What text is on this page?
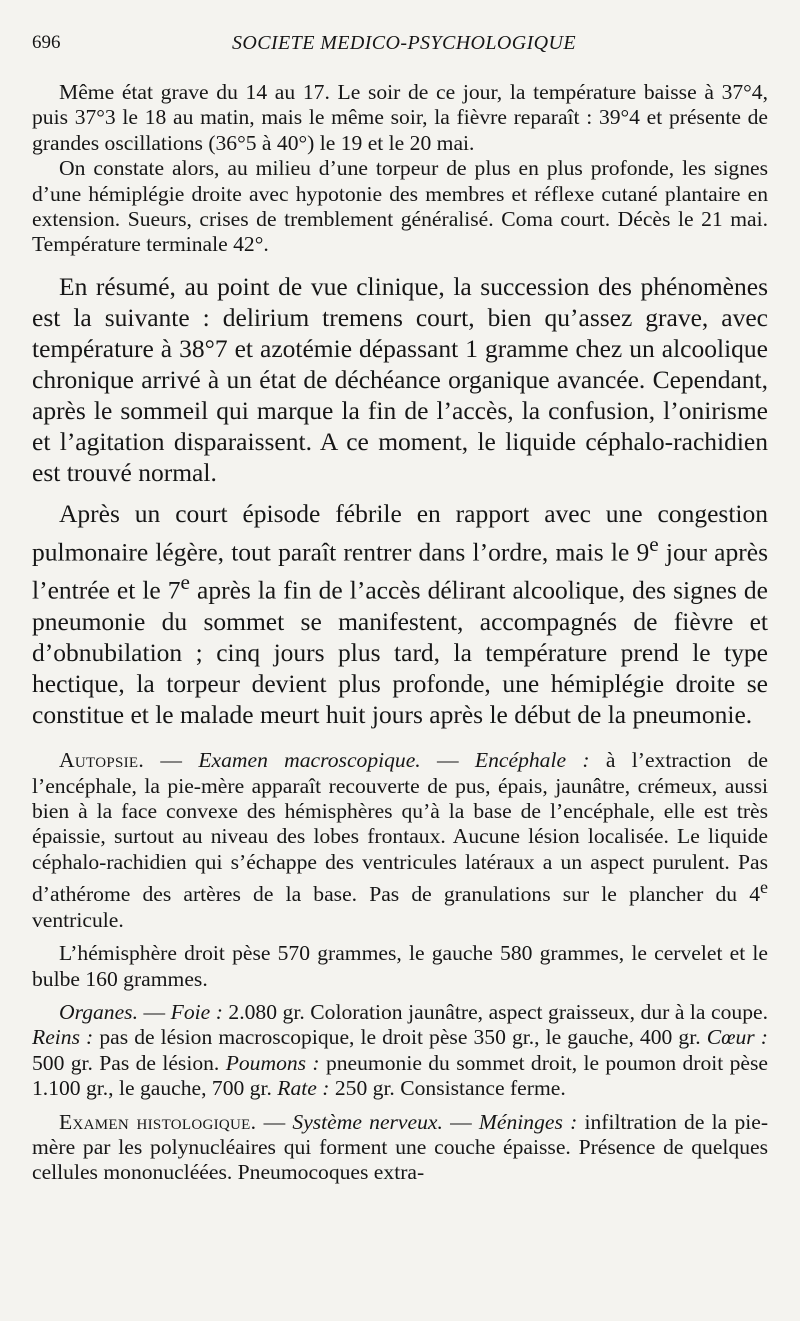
696	SOCIETE MEDICO-PSYCHOLOGIQUE

Même état grave du 14 au 17. Le soir de ce jour, la température baisse à 37°4, puis 37°3 le 18 au matin, mais le même soir, la fièvre reparaît : 39°4 et présente de grandes oscillations (36°5 à 40°) le 19 et le 20 mai.

On constate alors, au milieu d’une torpeur de plus en plus profonde, les signes d’une hémiplégie droite avec hypotonie des membres et réflexe cutané plantaire en extension. Sueurs, crises de tremblement généralisé. Coma court. Décès le 21 mai. Température terminale 42°.

En résumé, au point de vue clinique, la succession des phénomènes est la suivante : delirium tremens court, bien qu’assez grave, avec température à 38°7 et azotémie dépassant 1 gramme chez un alcoolique chronique arrivé à un état de déchéance organique avancée. Cependant, après le sommeil qui marque la fin de l’accès, la confusion, l’onirisme et l’agitation disparaissent. A ce moment, le liquide céphalo-rachidien est trouvé normal.

Après un court épisode fébrile en rapport avec une congestion pulmonaire légère, tout paraît rentrer dans l’ordre, mais le 9e jour après l’entrée et le 7e après la fin de l’accès délirant alcoolique, des signes de pneumonie du sommet se manifestent, accompagnés de fièvre et d’obnubilation ; cinq jours plus tard, la température prend le type hectique, la torpeur devient plus profonde, une hémiplégie droite se constitue et le malade meurt huit jours après le début de la pneumonie.

Autopsie. — Examen macroscopique. — Encéphale : à l’extraction de l’encéphale, la pie-mère apparaît recouverte de pus, épais, jaunâtre, crémeux, aussi bien à la face convexe des hémisphères qu’à la base de l’encéphale, elle est très épaissie, surtout au niveau des lobes frontaux. Aucune lésion localisée. Le liquide céphalo-rachidien qui s’échappe des ventricules latéraux a un aspect purulent. Pas d’athérome des artères de la base. Pas de granulations sur le plancher du 4e ventricule.

L’hémisphère droit pèse 570 grammes, le gauche 580 grammes, le cervelet et le bulbe 160 grammes.

Organes. — Foie : 2.080 gr. Coloration jaunâtre, aspect graisseux, dur à la coupe. Reins : pas de lésion macroscopique, le droit pèse 350 gr., le gauche, 400 gr. Cœur : 500 gr. Pas de lésion. Poumons : pneumonie du sommet droit, le poumon droit pèse 1.100 gr., le gauche, 700 gr. Rate : 250 gr. Consistance ferme.

Examen histologique. — Système nerveux. — Méninges : infiltration de la pie-mère par les polynucléaires qui forment une couche épaisse. Présence de quelques cellules mononucléées. Pneumocoques extra-
